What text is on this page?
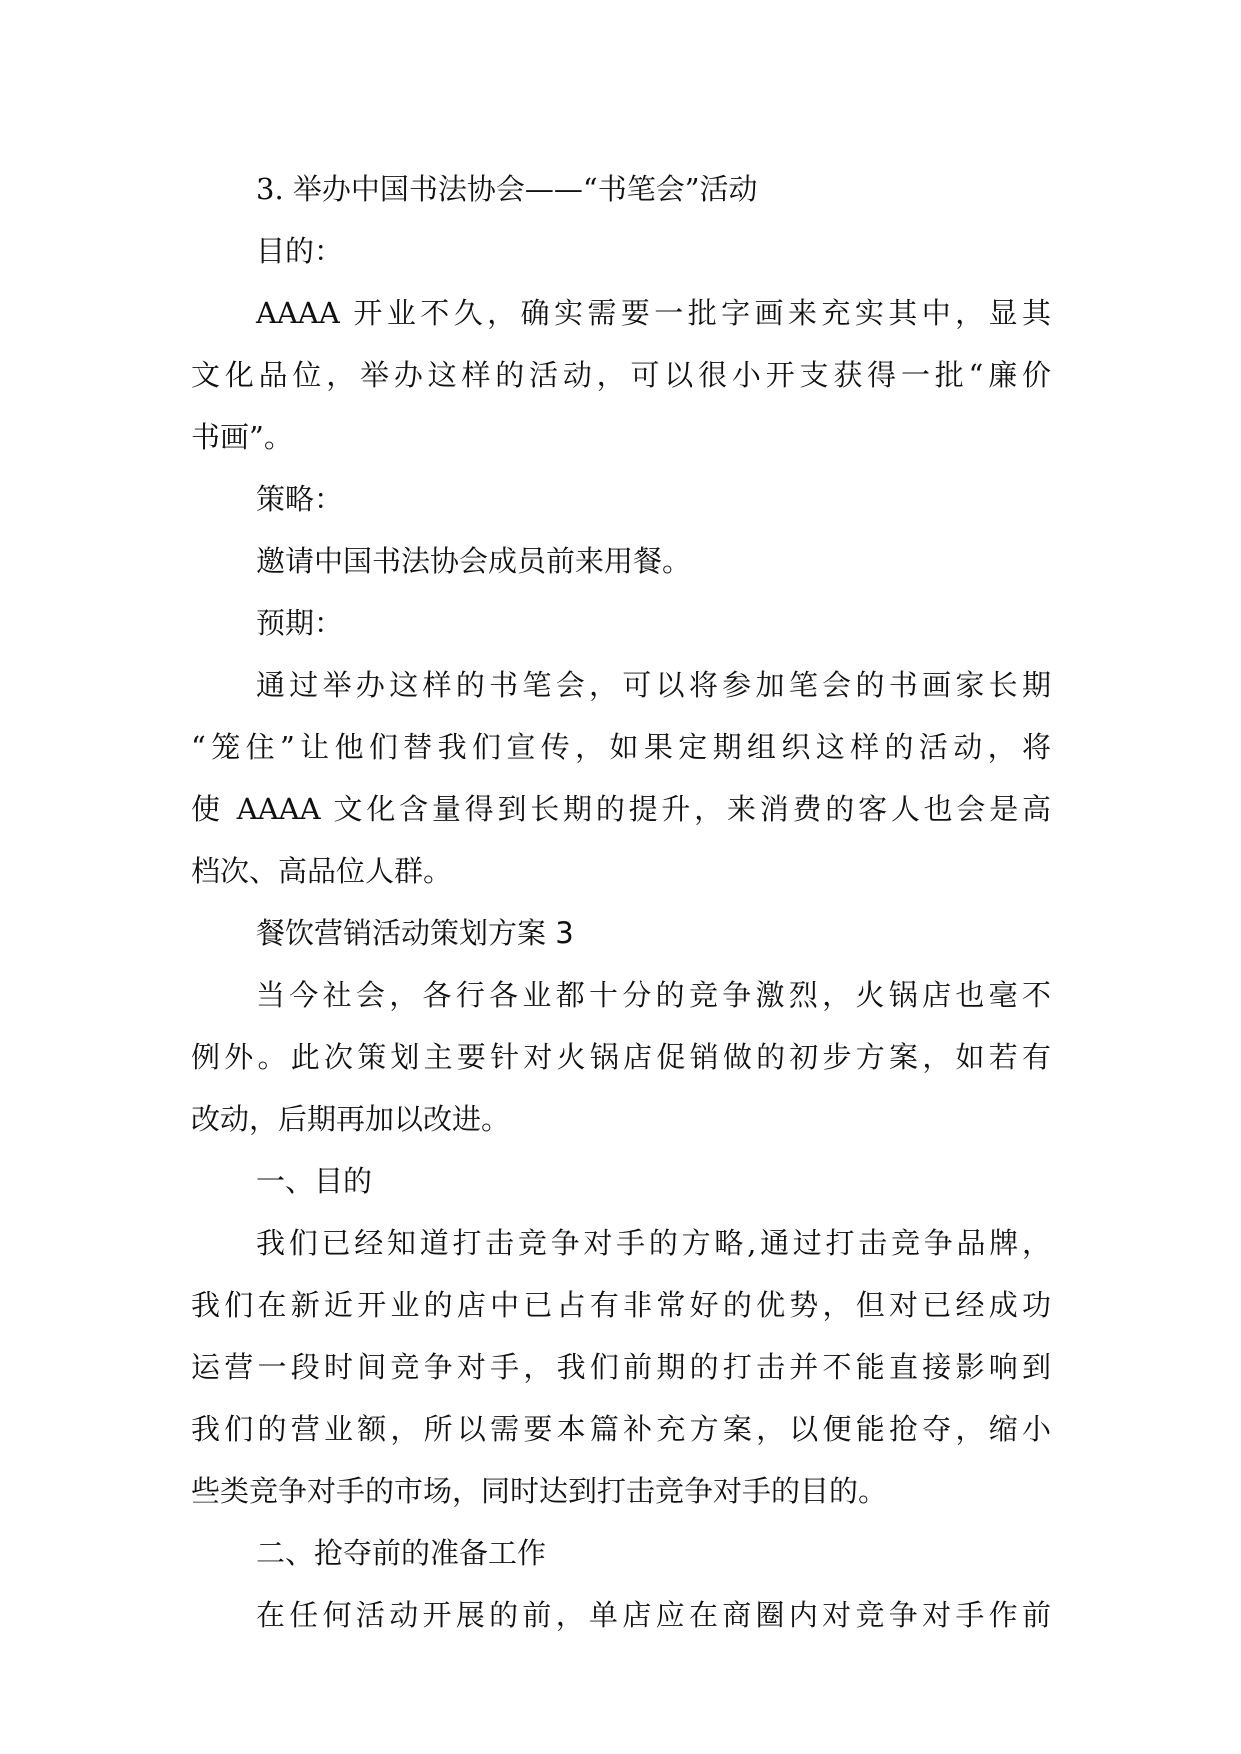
3. 举办中国书法协会——“书笔会”活动
目的：
AAAA 开业不久，确实需要一批字画来充实其中，显其
文化品位，举办这样的活动，可以很小开支获得一批“廉价
书画”。
策略：
邀请中国书法协会成员前来用餐。
预期：
通过举办这样的书笔会，可以将参加笔会的书画家长期
“笼住”让他们替我们宣传，如果定期组织这样的活动，将
使 AAAA 文化含量得到长期的提升，来消费的客人也会是高
档次、高品位人群。
餐饮营销活动策划方案 3
当今社会，各行各业都十分的竞争激烈，火锅店也毫不
例外。此次策划主要针对火锅店促销做的初步方案，如若有
改动，后期再加以改进。
一、目的
我们已经知道打击竞争对手的方略,通过打击竞争品牌，
我们在新近开业的店中已占有非常好的优势，但对已经成功
运营一段时间竞争对手，我们前期的打击并不能直接影响到
我们的营业额，所以需要本篇补充方案，以便能抢夺，缩小
些类竞争对手的市场，同时达到打击竞争对手的目的。
二、抢夺前的准备工作
在任何活动开展的前，单店应在商圈内对竞争对手作前
